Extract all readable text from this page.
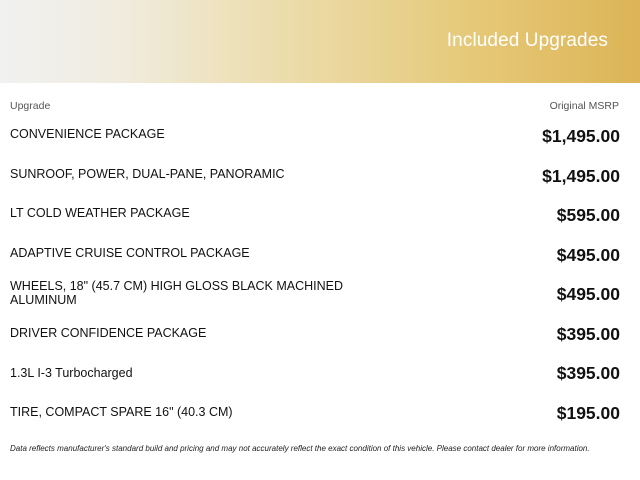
Included Upgrades
Upgrade	Original MSRP
CONVENIENCE PACKAGE	$1,495.00
SUNROOF, POWER, DUAL-PANE, PANORAMIC	$1,495.00
LT COLD WEATHER PACKAGE	$595.00
ADAPTIVE CRUISE CONTROL PACKAGE	$495.00
WHEELS, 18" (45.7 CM) HIGH GLOSS BLACK MACHINED ALUMINUM	$495.00
DRIVER CONFIDENCE PACKAGE	$395.00
1.3L I-3 Turbocharged	$395.00
TIRE, COMPACT SPARE 16" (40.3 CM)	$195.00
Data reflects manufacturer's standard build and pricing and may not accurately reflect the exact condition of this vehicle. Please contact dealer for more information.
